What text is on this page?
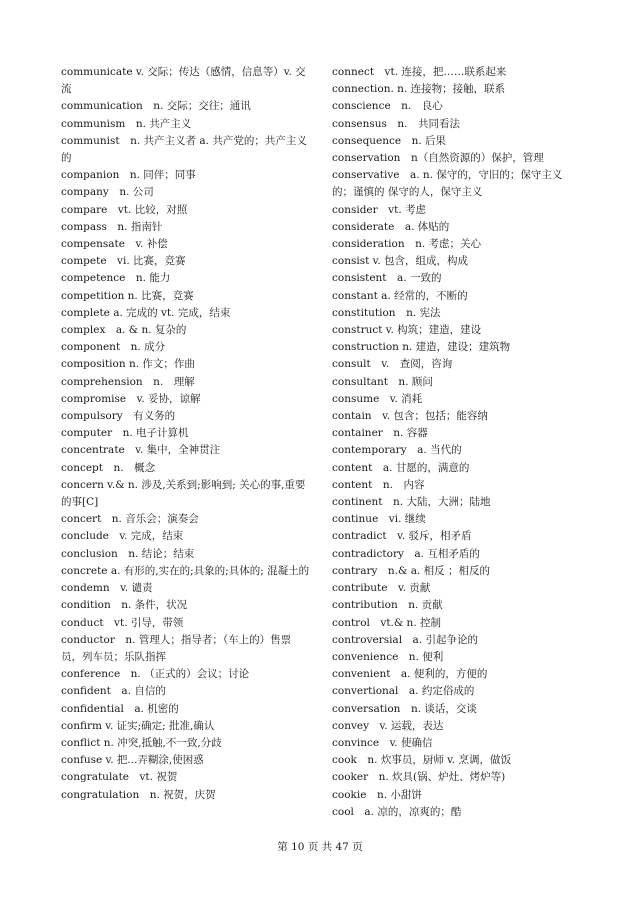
communicate v. 交际；传达（感情，信息等）v. 交流
communication　n. 交际；交往；通讯
communism　n. 共产主义
communist　n. 共产主义者 a. 共产党的；共产主义的
companion　n. 同伴；同事
company　n. 公司
compare　vt. 比较，对照
compass　n. 指南针
compensate　v. 补偿
compete　vi. 比赛，竞赛
competence　n. 能力
competition n. 比赛，竞赛
complete a. 完成的 vt. 完成，结束
complex　a. & n. 复杂的
component　n. 成分
composition n. 作文；作曲
comprehension　n.　理解
compromise　v. 妥协，谅解
compulsory　有义务的
computer　n. 电子计算机
concentrate　v. 集中，全神贯注
concept　n.　概念
concern v.& n. 涉及,关系到;影响到; 关心的事,重要的事[C]
concert　n. 音乐会；演奏会
conclude　v. 完成，结束
conclusion　n. 结论；结束
concrete a. 有形的,实在的;具象的;具体的; 混凝土的
condemn　v. 谴责
condition　n. 条件，状况
conduct　vt. 引导，带领
conductor　n. 管理人；指导者；（车上的）售票员，列车员；乐队指挥
conference　n. （正式的）会议；讨论
confident　a. 自信的
confidential　a. 机密的
confirm v. 证实;确定; 批准,确认
conflict n. 冲突,抵触,不一致,分歧
confuse v. 把...弄糊涂,使困惑
congratulate　vt. 祝贺
congratulation　n. 祝贺，庆贺
connect　vt. 连接，把……联系起来
connection. n. 连接物；接触，联系
conscience　n.　良心
consensus　n.　共同看法
consequence　n. 后果
conservation　n（自然资源的）保护，管理
conservative　a. n. 保守的，守旧的；保守主义的；谨慎的 保守的人，保守主义
consider　vt. 考虑
considerate　a. 体贴的
consideration　n. 考虑；关心
consist v. 包含，组成，构成
consistent　a. 一致的
constant a. 经常的，不断的
constitution　n. 宪法
construct v. 构筑；建造，建设
construction n. 建造，建设；建筑物
consult　v.　查阅，咨询
consultant　n. 顾问
consume　v. 消耗
contain　v. 包含；包括；能容纳
container　n. 容器
contemporary　a. 当代的
content　a. 甘愿的，满意的
content　n.　内容
continent　n. 大陆，大洲；陆地
continue　vi. 继续
contradict　v. 驳斥，相矛盾
contradictory　a. 互相矛盾的
contrary　n.& a. 相反 ；相反的
contribute　v. 贡献
contribution　n. 贡献
control　vt.& n. 控制
controversial　a. 引起争论的
convenience　n. 便利
convenient　a. 便利的，方便的
convertional　a. 约定俗成的
conversation　n. 谈话，交谈
convey　v. 运载，表达
convince　v. 使确信
cook　n. 炊事员，厨师 v. 烹调，做饭
cooker　n. 炊具(锅、炉灶、烤炉等)
cookie　n. 小甜饼
cool　a. 凉的，凉爽的；酷
第 10 页 共 47 页
